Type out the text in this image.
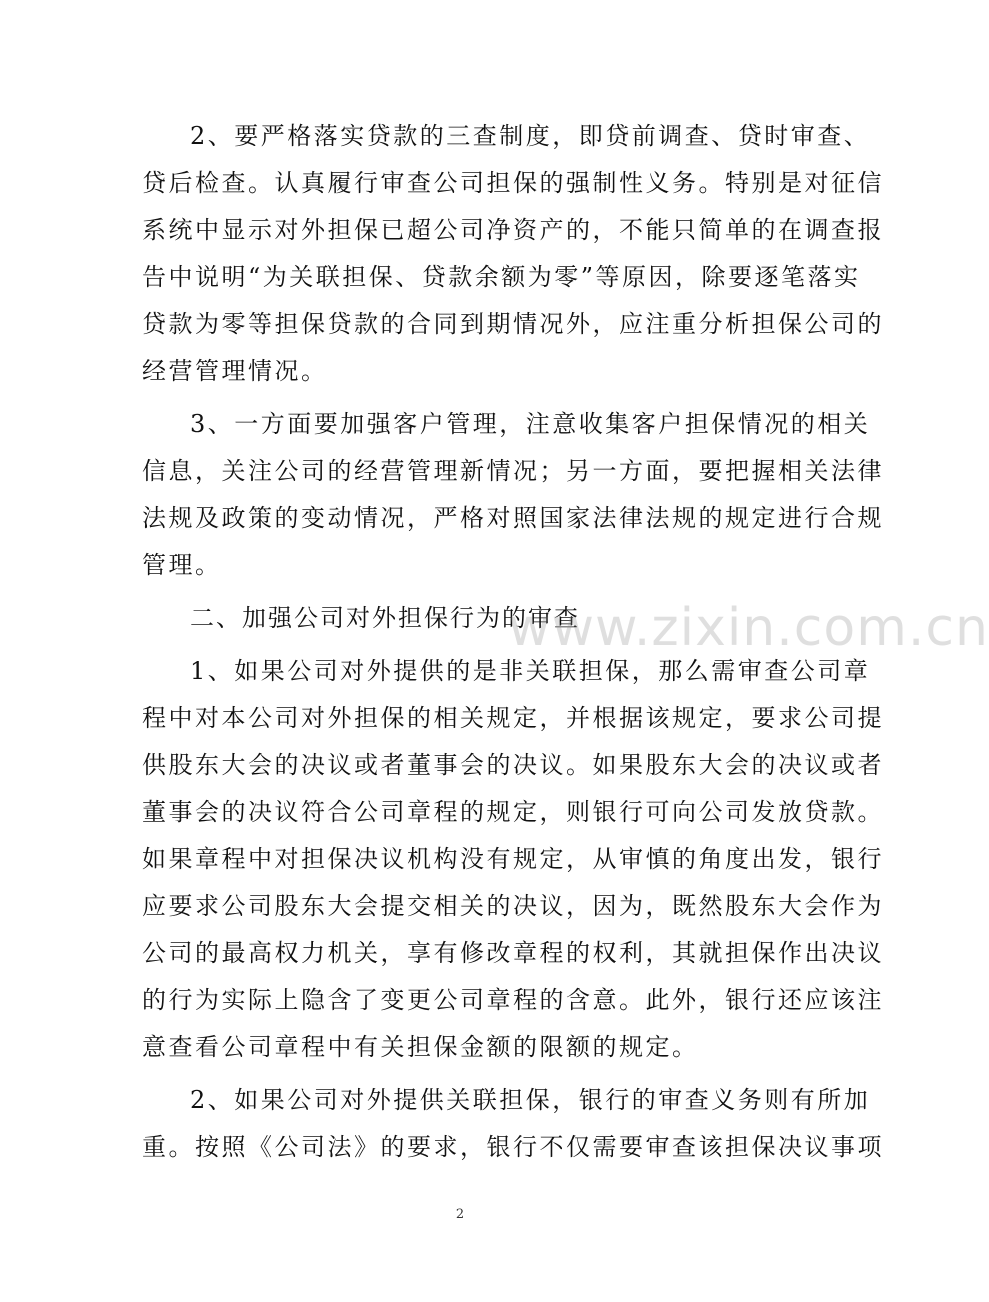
2、要严格落实贷款的三查制度，即贷前调查、贷时审查、
贷后检查。认真履行审查公司担保的强制性义务。特别是对征信
系统中显示对外担保已超公司净资产的，不能只简单的在调查报
告中说明“为关联担保、贷款余额为零”等原因，除要逐笔落实
贷款为零等担保贷款的合同到期情况外，应注重分析担保公司的
经营管理情况。
3、一方面要加强客户管理，注意收集客户担保情况的相关
信息，关注公司的经营管理新情况；另一方面，要把握相关法律
法规及政策的变动情况，严格对照国家法律法规的规定进行合规
管理。
二、加强公司对外担保行为的审查
1、如果公司对外提供的是非关联担保，那么需审查公司章
程中对本公司对外担保的相关规定，并根据该规定，要求公司提
供股东大会的决议或者董事会的决议。如果股东大会的决议或者
董事会的决议符合公司章程的规定，则银行可向公司发放贷款。
如果章程中对担保决议机构没有规定，从审慎的角度出发，银行
应要求公司股东大会提交相关的决议，因为，既然股东大会作为
公司的最高权力机关，享有修改章程的权利，其就担保作出决议
的行为实际上隐含了变更公司章程的含意。此外，银行还应该注
意查看公司章程中有关担保金额的限额的规定。
2、如果公司对外提供关联担保，银行的审查义务则有所加
重。按照《公司法》的要求，银行不仅需要审查该担保决议事项
www.zixin.com.cn
2
